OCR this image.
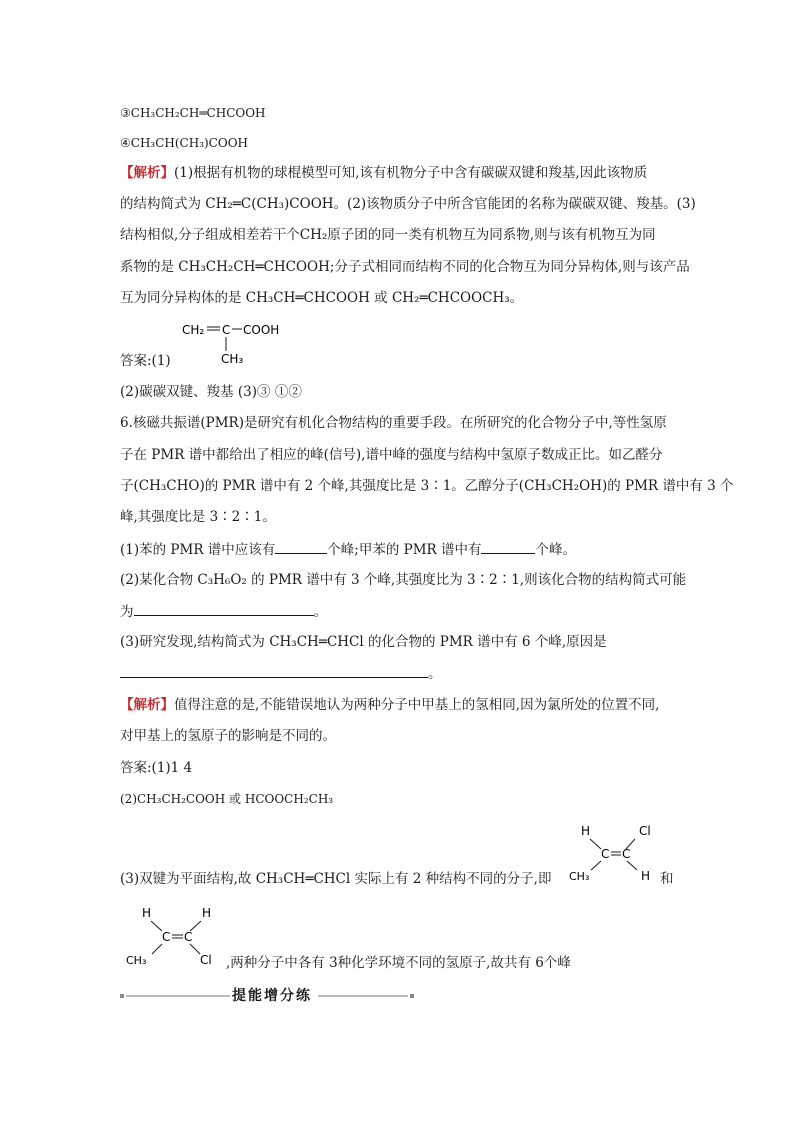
③CH₃CH₂CH═CHCOOH
④CH₃CH(CH₃)COOH
【解析】(1)根据有机物的球棍模型可知,该有机物分子中含有碳碳双键和羧基,因此该物质
的结构简式为 CH₂═C(CH₃)COOH。(2)该物质分子中所含官能团的名称为碳碳双键、羧基。(3)
结构相似,分子组成相差若干个CH₂原子团的同一类有机物互为同系物,则与该有机物互为同
系物的是 CH₃CH₂CH═CHCOOH;分子式相同而结构不同的化合物互为同分异构体,则与该产品
互为同分异构体的是 CH₃CH═CHCOOH 或 CH₂═CHCOOCH₃。
CH₂ C COOH
CH₃
答案:(1)
(2)碳碳双键、羧基 (3)③ ①②
6.核磁共振谱(PMR)是研究有机化合物结构的重要手段。在所研究的化合物分子中,等性氢原
子在 PMR 谱中都给出了相应的峰(信号),谱中峰的强度与结构中氢原子数成正比。如乙醛分
子(CH₃CHO)的 PMR 谱中有 2 个峰,其强度比是 3∶1。乙醇分子(CH₃CH₂OH)的 PMR 谱中有 3 个
峰,其强度比是 3∶2∶1。
(1)苯的 PMR 谱中应该有	个峰;甲苯的 PMR 谱中有	个峰。
(2)某化合物 C₃H₆O₂ 的 PMR 谱中有 3 个峰,其强度比为 3∶2∶1,则该化合物的结构简式可能
为	。
(3)研究发现,结构简式为 CH₃CH═CHCl 的化合物的 PMR 谱中有 6 个峰,原因是
。
【解析】值得注意的是,不能错误地认为两种分子中甲基上的氢相同,因为氯所处的位置不同,
对甲基上的氢原子的影响是不同的。
答案:(1)1 4
(2)CH₃CH₂COOH 或 HCOOCH₂CH₃
H	Cl
C C
CH₃	H
(3)双键为平面结构,故 CH₃CH═CHCl 实际上有 2 种结构不同的分子,即	和
H	H
C C
CH₃	Cl ,两种分子中各有 3种化学环境不同的氢原子,故共有 6个峰
提能增分练
